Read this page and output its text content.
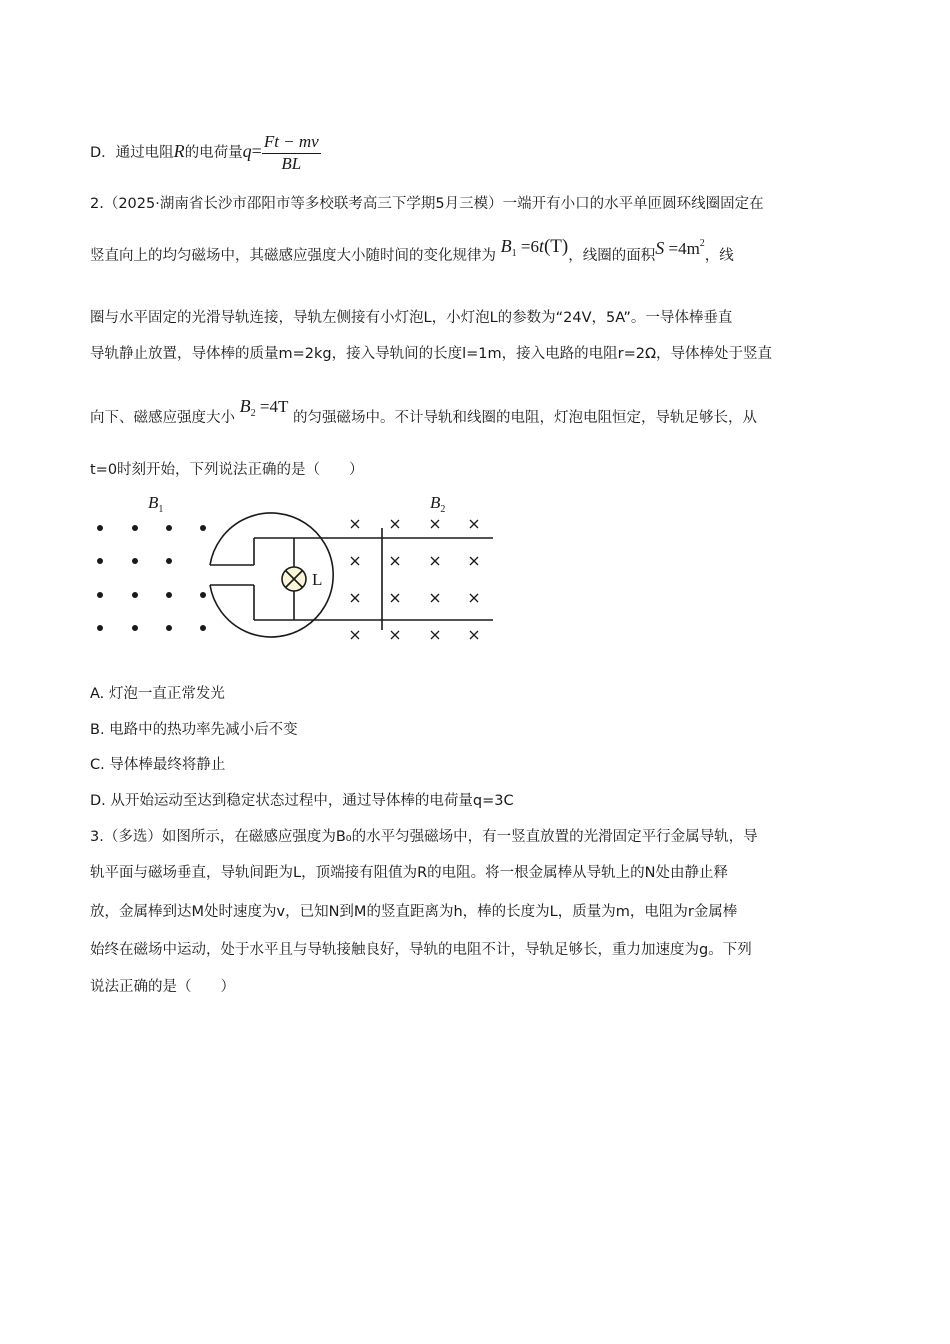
D．通过电阻R的电荷量$q= \frac{Ft - mv}{BL}$
2.（2025·湖南省长沙市邵阳市等多校联考高三下学期5月三模）一端开有小口的水平单匝圆环线圈固定在
竖直向上的均匀磁场中，其磁感应强度大小随时间的变化规律为 $B_1 =6t(T)$，线圈的面积$S =4m^2$，线
圈与水平固定的光滑导轨连接，导轨左侧接有小灯泡L，小灯泡L的参数为“24V，5A”。一导体棒垂直
导轨静止放置，导体棒的质量m=2kg，接入导轨间的长度l=1m，接入电路的电阻r=2Ω，导体棒处于竖直
向下、磁感应强度大小 $B_2 =4T$ 的匀强磁场中。不计导轨和线圈的电阻，灯泡电阻恒定，导轨足够长，从
t=0时刻开始，下列说法正确的是（　　）
L
$B_1$	$B_2$
A. 灯泡一直正常发光
B. 电路中的热功率先减小后不变
C. 导体棒最终将静止
D. 从开始运动至达到稳定状态过程中，通过导体棒的电荷量q=3C
3.（多选）如图所示，在磁感应强度为B₀的水平匀强磁场中，有一竖直放置的光滑固定平行金属导轨，导
轨平面与磁场垂直，导轨间距为L，顶端接有阻值为R的电阻。将一根金属棒从导轨上的N处由静止释
放，金属棒到达M处时速度为v，已知N到M的竖直距离为h，棒的长度为L，质量为m，电阻为r金属棒
始终在磁场中运动，处于水平且与导轨接触良好，导轨的电阻不计，导轨足够长，重力加速度为g。下列
说法正确的是（　　）
